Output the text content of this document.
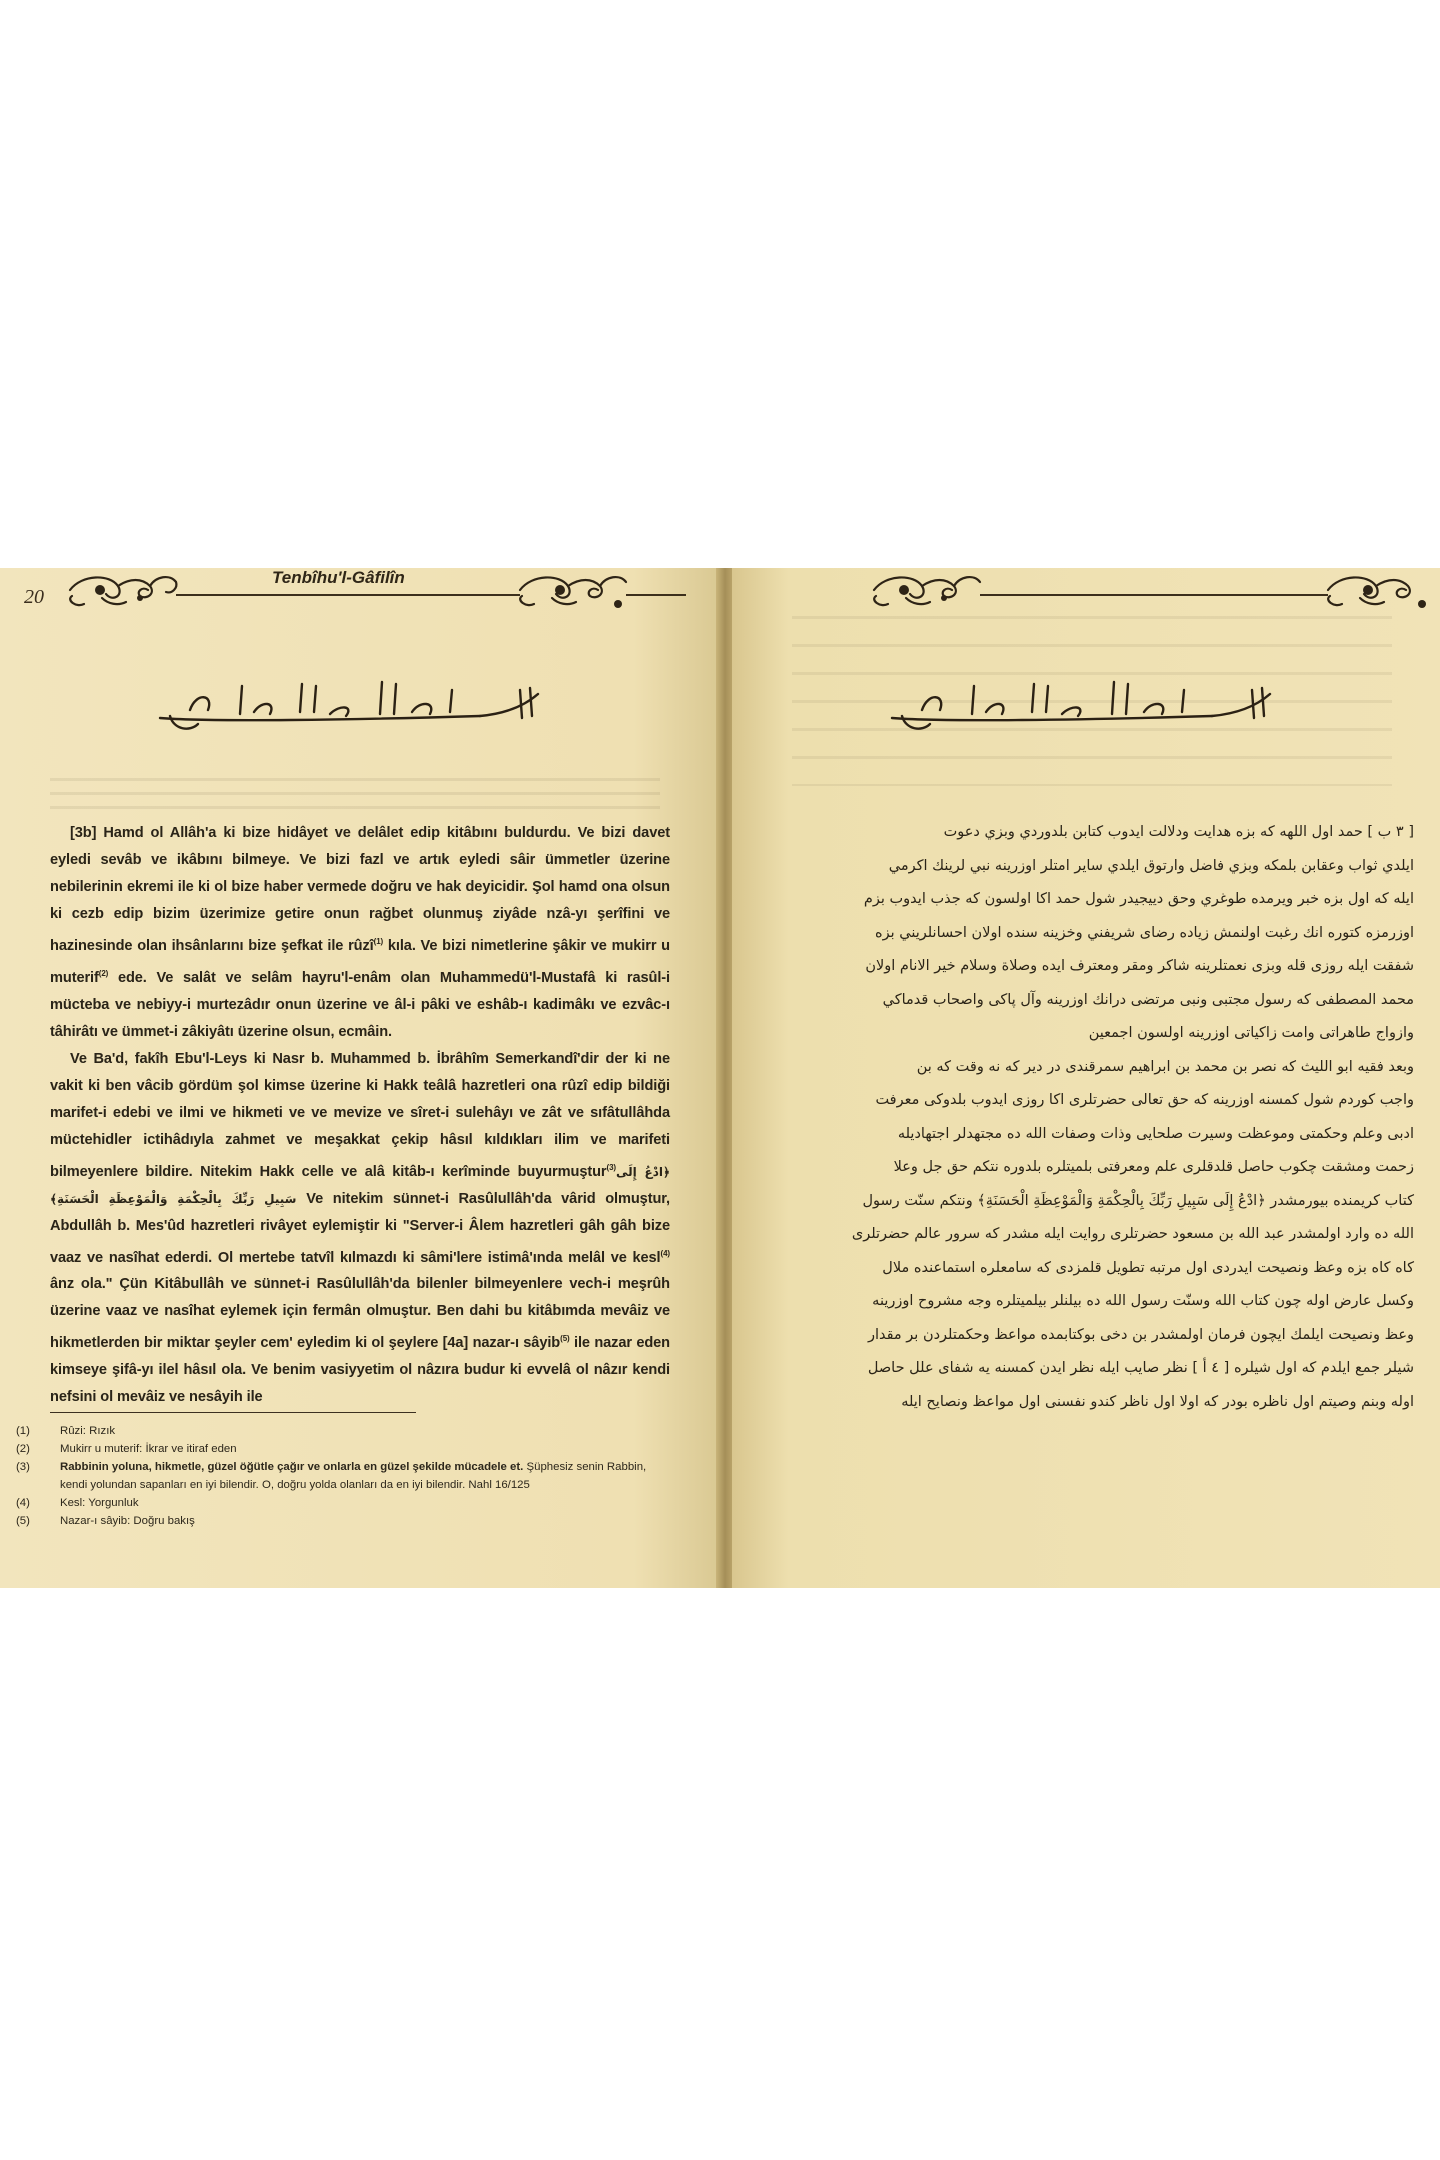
20
Tenbîhu'l-Gâfilîn

[3b] Hamd ol Allâh'a ki bize hidâyet ve delâlet edip kitâbını buldurdu. Ve bizi davet eyledi sevâb ve ikâbını bilmeye. Ve bizi fazl ve artık eyledi sâir ümmetler üzerine nebilerinin ekremi ile ki ol bize haber vermede doğru ve hak deyicidir. Şol hamd ona olsun ki cezb edip bizim üzerimize getire onun rağbet olunmuş ziyâde nzâ-yı şerîfini ve hazinesinde olan ihsânlarını bize şefkat ile rûzî$^{(1)}$ kıla. Ve bizi nimetlerine şâkir ve mukirr u muterif$^{(2)}$ ede. Ve salât ve selâm hayru'l-enâm olan Muhammedü'l-Mustafâ ki rasûl-i mücteba ve nebiyy-i murtezâdır onun üzerine ve âl-i pâki ve eshâb-ı kadimâkı ve ezvâc-ı tâhirâtı ve ümmet-i zâkiyâtı üzerine olsun, ecmâin.

Ve Ba'd, fakîh Ebu'l-Leys ki Nasr b. Muhammed b. İbrâhîm Semerkandî'dir der ki ne vakit ki ben vâcib gördüm şol kimse üzerine ki Hakk teâlâ hazretleri ona rûzî edip bildiği marifet-i edebi ve ilmi ve hikmeti ve ve mevize ve sîret-i sulehâyı ve zât ve sıfâtullâhda müctehidler ictihâdıyla zahmet ve meşakkat çekip hâsıl kıldıkları ilim ve marifeti bilmeyenlere bildire. Nitekim Hakk celle ve alâ kitâb-ı kerîminde buyurmuştur$^{(3)}$﴿ادْعُ إِلَى سَبِيلِ رَبِّكَ بِالْحِكْمَةِ وَالْمَوْعِظَةِ الْحَسَنَةِ﴾ Ve nitekim sünnet-i Rasûlullâh'da vârid olmuştur, Abdullâh b. Mes'ûd hazretleri rivâyet eylemiştir ki "Server-i Âlem hazretleri gâh gâh bize vaaz ve nasîhat ederdi. Ol mertebe tatvîl kılmazdı ki sâmi'lere istimâ'ında melâl ve kesl$^{(4)}$ ânz ola." Çün Kitâbullâh ve sünnet-i Rasûlullâh'da bilenler bilmeyenlere vech-i meşrûh üzerine vaaz ve nasîhat eylemek için fermân olmuştur. Ben dahi bu kitâbımda mevâiz ve hikmetlerden bir miktar şeyler cem' eyledim ki ol şeylere [4a] nazar-ı sâyib$^{(5)}$ ile nazar eden kimseye şifâ-yı ilel hâsıl ola. Ve benim vasiyyetim ol nâzıra budur ki evvelâ ol nâzır kendi nefsini ol mevâiz ve nesâyih ile

(1)	Rûzi: Rızık
(2)	Mukirr u muterif: İkrar ve itiraf eden
(3)	Rabbinin yoluna, hikmetle, güzel öğütle çağır ve onlarla en güzel şekilde mücadele et. Şüphesiz senin Rabbin, kendi yolundan sapanları en iyi bilendir. O, doğru yolda olanları da en iyi bilendir. Nahl 16/125
(4)	Kesl: Yorgunluk
(5)	Nazar-ı sâyib: Doğru bakış

[ ٣ ب ] حمد اول اللهه كه بزه هدايت ودلالت ايدوب كتابن بلدوردي وبزي دعوت

ايلدي ثواب وعقابن بلمكه وبزي فاضل وارتوق ايلدي ساير امتلر اوزرينه نبي لرينك اكرمي

ايله كه اول بزه خبر ويرمده طوغري وحق دييجيدر شول حمد اكا اولسون كه جذب ايدوب بزم

اوزرمزه كتوره انك رغبت اولنمش زياده رضاى شريفني وخزينه سنده اولان احسانلريني بزه

شفقت ايله روزى قله وبزى نعمتلرينه شاكر ومقر ومعترف ايده وصلاة وسلام خير الانام اولان

محمد المصطفى كه رسول مجتبى ونبى مرتضى درانك اوزرينه وآل پاكى واصحاب قدماكي

وازواج طاهراتى وامت زاكياتى اوزرينه اولسون اجمعين

وبعد فقيه ابو الليث كه نصر بن محمد بن ابراهيم سمرقندى در دير كه نه وقت كه بن

واجب كوردم شول كمسنه اوزرينه كه حق تعالى حضرتلرى اكا روزى ايدوب بلدوكى معرفت

ادبى وعلم وحكمتى وموعظت وسيرت صلحايى وذات وصفات الله ده مجتهدلر اجتهاديله

زحمت ومشقت چكوب حاصل قلدقلرى علم ومعرفتى بلميتلره بلدوره نتكم حق جل وعلا

كتاب كريمنده بيورمشدر ﴿ادْعُ إِلَى سَبِيلِ رَبِّكَ بِالْحِكْمَةِ وَالْمَوْعِظَةِ الْحَسَنَةِ﴾ ونتكم سنّت رسول

الله ده وارد اولمشدر عبد الله بن مسعود حضرتلرى روايت ايله مشدر كه سرور عالم حضرتلرى

كاه كاه بزه وعظ ونصيحت ايدردى اول مرتبه تطويل قلمزدى كه سامعلره استماعنده ملال

وكسل عارض اوله چون كتاب الله وسنّت رسول الله ده بيلنلر بيلميتلره وجه مشروح اوزرينه

وعظ ونصيحت ايلمك ايچون فرمان اولمشدر بن دخى بوكتابمده مواعظ وحكمتلردن بر مقدار

شيلر جمع ايلدم كه اول شيلره [ ٤ أ ] نظر صايب ايله نظر ايدن كمسنه يه شفاى علل حاصل

اوله وبنم وصيتم اول ناظره بودر كه اولا اول ناظر كندو نفسنى اول مواعظ ونصايح ايله
